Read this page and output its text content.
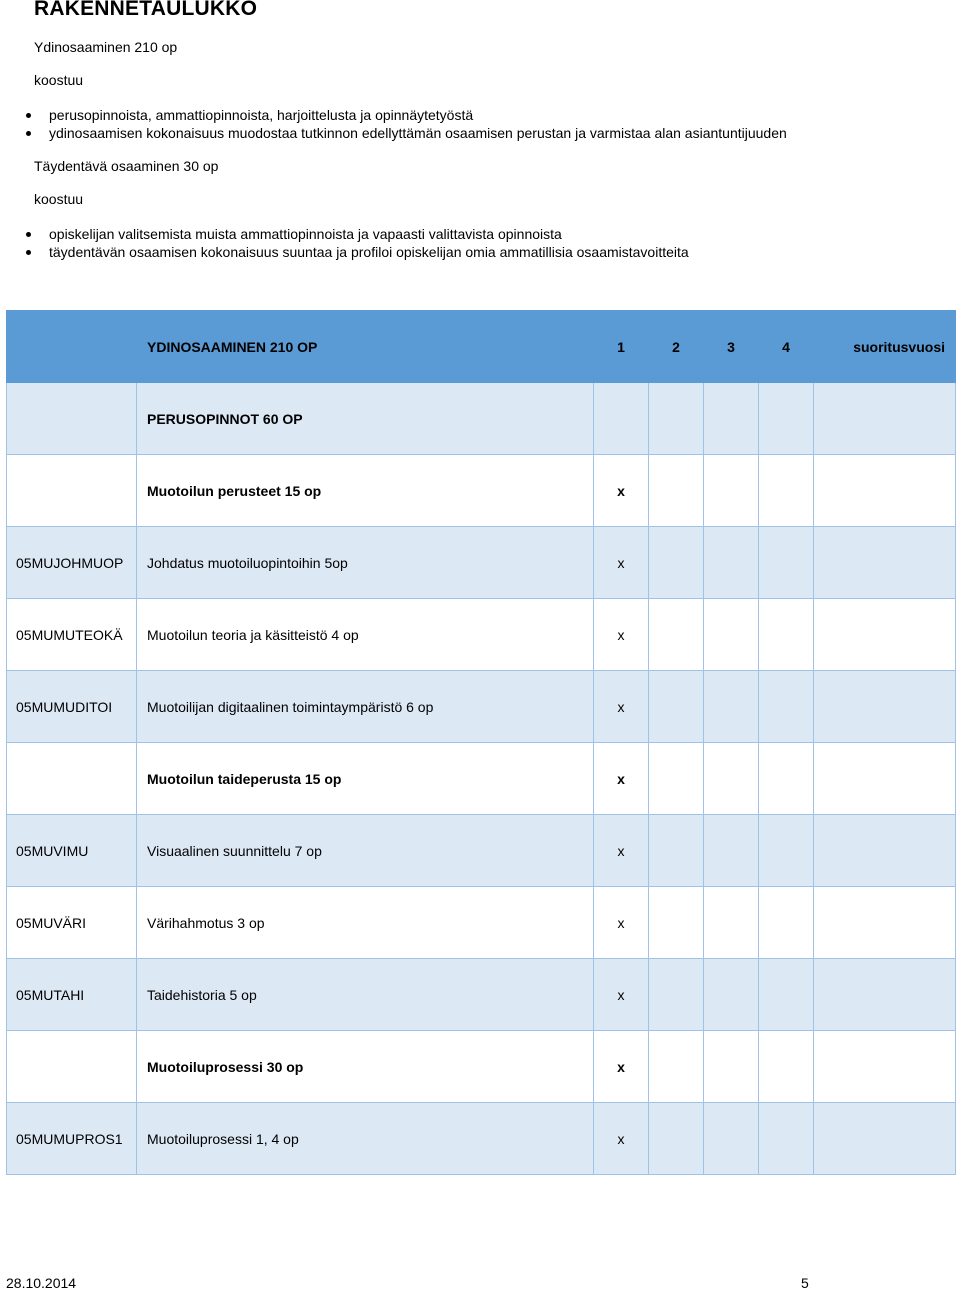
RAKENNETAULUKKO
Ydinosaaminen 210 op
koostuu
perusopinnoista, ammattiopinnoista, harjoittelusta ja opinnäytetyöstä
ydinosaamisen kokonaisuus muodostaa tutkinnon edellyttämän osaamisen perustan ja varmistaa alan asiantuntijuuden
Täydentävä osaaminen 30 op
koostuu
opiskelijan valitsemista muista ammattiopinnoista ja vapaasti valittavista opinnoista
täydentävän osaamisen kokonaisuus suuntaa ja profiloi opiskelijan omia ammatillisia osaamistavoitteita
	YDINOSAAMINEN 210 OP	1	2	3	4	suoritusvuosi
	PERUSOPINNOT 60 OP					
	Muotoilun perusteet 15 op	x				
05MUJOHMUOP	Johdatus muotoiluopintoihin 5op	x				
05MUMUTEOKÄ	Muotoilun teoria ja käsitteistö 4 op	x				
05MUMUDITOI	Muotoilijan digitaalinen toimintaympäristö 6 op	x				
	Muotoilun taideperusta 15 op	x				
05MUVIMU	Visuaalinen suunnittelu 7 op	x				
05MUVÄRI	Värihahmotus 3 op	x				
05MUTAHI	Taidehistoria 5 op	x				
	Muotoiluprosessi 30 op	x				
05MUMUPROS1	Muotoiluprosessi 1, 4 op	x				
28.10.2014	5
